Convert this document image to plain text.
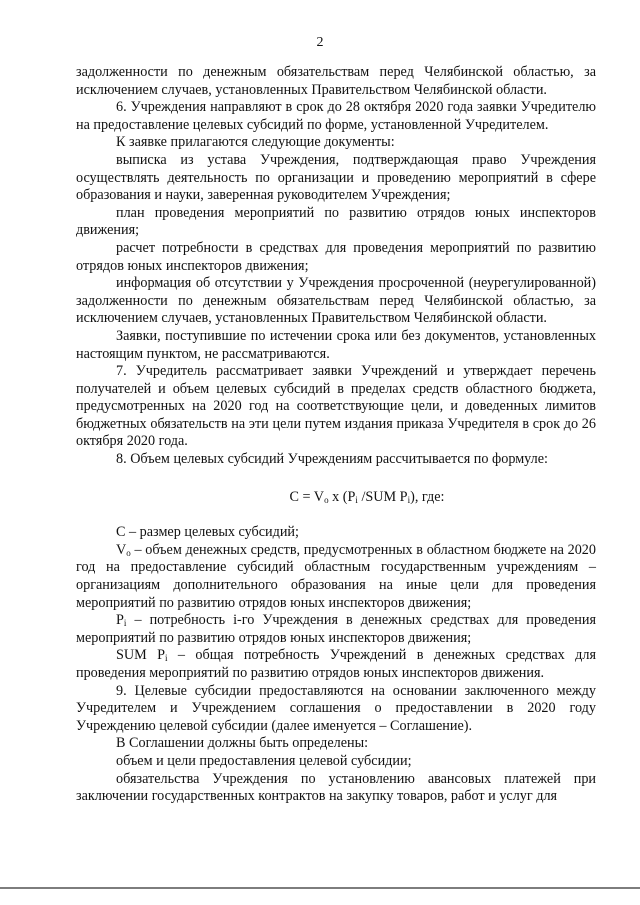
2

задолженности по денежным обязательствам перед Челябинской областью, за исключением случаев, установленных Правительством Челябинской области.

6. Учреждения направляют в срок до 28 октября 2020 года заявки Учредителю на предоставление целевых субсидий по форме, установленной Учредителем.

К заявке прилагаются следующие документы:

выписка из устава Учреждения, подтверждающая право Учреждения осуществлять деятельность по организации и проведению мероприятий в сфере образования и науки, заверенная руководителем Учреждения;

план проведения мероприятий по развитию отрядов юных инспекторов движения;

расчет потребности в средствах для проведения мероприятий по развитию отрядов юных инспекторов движения;

информация об отсутствии у Учреждения просроченной (неурегулированной) задолженности по денежным обязательствам перед Челябинской областью, за исключением случаев, установленных Правительством Челябинской области.

Заявки, поступившие по истечении срока или без документов, установленных настоящим пунктом, не рассматриваются.

7. Учредитель рассматривает заявки Учреждений и утверждает перечень получателей и объем целевых субсидий в пределах средств областного бюджета, предусмотренных на 2020 год на соответствующие цели, и доведенных лимитов бюджетных обязательств на эти цели путем издания приказа Учредителя в срок до 26 октября 2020 года.

8. Объем целевых субсидий Учреждениям рассчитывается по формуле:

$C = V_o$ x ($P_i$ /SUM $P_i$), где:

С – размер целевых субсидий;

$V_o$ – объем денежных средств, предусмотренных в областном бюджете на 2020 год на предоставление субсидий областным государственным учреждениям – организациям дополнительного образования на иные цели для проведения мероприятий по развитию отрядов юных инспекторов движения;

$P_i$ – потребность i-го Учреждения в денежных средствах для проведения мероприятий по развитию отрядов юных инспекторов движения;

SUM $P_i$ – общая потребность Учреждений в денежных средствах для проведения мероприятий по развитию отрядов юных инспекторов движения.

9. Целевые субсидии предоставляются на основании заключенного между Учредителем и Учреждением соглашения о предоставлении в 2020 году Учреждению целевой субсидии (далее именуется – Соглашение).

В Соглашении должны быть определены:

объем и цели предоставления целевой субсидии;

обязательства Учреждения по установлению авансовых платежей при заключении государственных контрактов на закупку товаров, работ и услуг для
